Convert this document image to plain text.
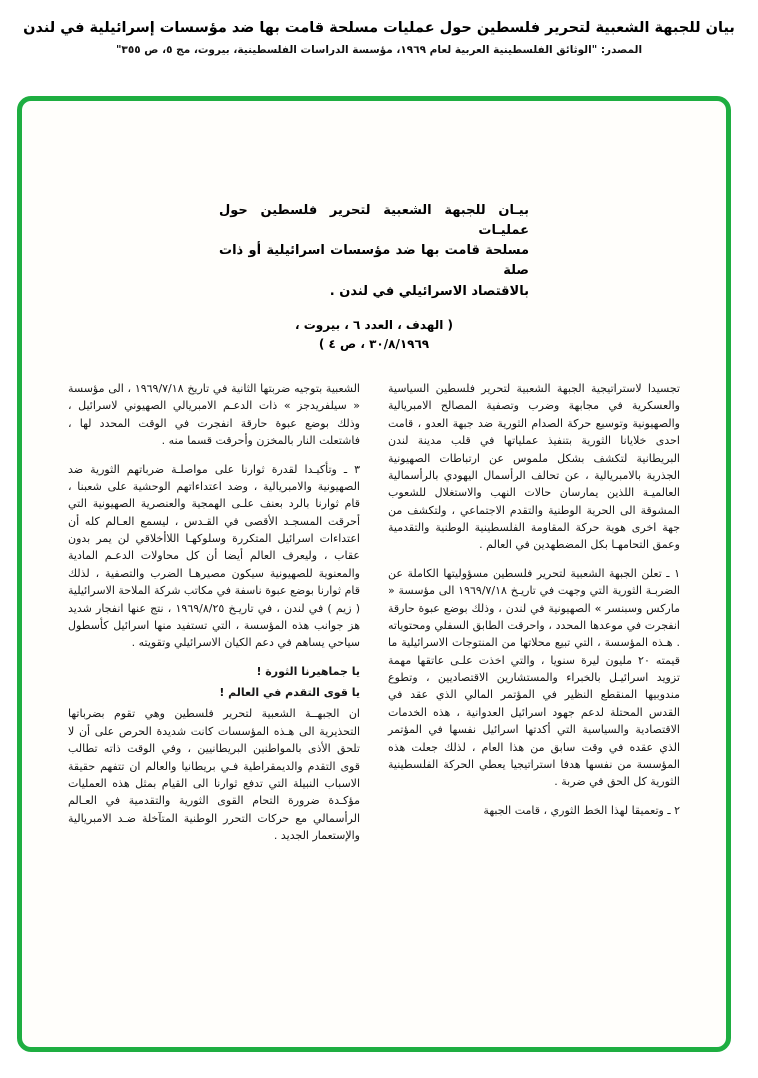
بيان للجبهة الشعبية لتحرير فلسطين حول عمليات مسلحة قامت بها ضد مؤسسات إسرائيلية في لندن
المصدر: "الوثائق الفلسطينية العربية لعام ١٩٦٩، مؤسسة الدراسات الفلسطينية، بيروت، مج ٥، ص ٣٥٥"
بيـان للجبهة الشعبية لتحرير فلسطين حول عمليـات
مسلحة قامت بها ضد مؤسسات اسرائيلية أو ذات صلة
بالاقتصاد الاسرائيلي في لندن .
( الهدف ، العدد ٦ ، بيروت ،
٣٠/٨/١٩٦٩ ، ص ٤ )

تجسيدا لاستراتيجية الجبهة الشعبية لتحرير فلسطين السياسية والعسكرية في مجابهة وضرب وتصفية المصالح الامبريالية والصهيونية وتوسيع حركة الصدام الثورية ضد جبهة العدو ، قامت احدى خلايانا الثورية بتنفيذ عملياتها في قلب مدينة لندن البريطانية لتكشف بشكل ملموس عن ارتباطات الصهيونية الجذرية بالامبريالية ، عن تحالف الرأسمال اليهودي بالرأسمالية العالميـة اللذين يمارسان حالات النهب والاستغلال للشعوب المشوقة الى الحرية الوطنية والتقدم الاجتماعي ، ولتكشف من جهة اخرى هوية حركة المقاومة الفلسطينية الوطنية والتقدمية وعمق التحامهـا بكل المضطهدين في العالم .

١ ـ تعلن الجبهة الشعبية لتحرير فلسطين مسؤوليتها الكاملة عن الضربـة الثورية التي وجهت في تاريـخ ١٩٦٩/٧/١٨ الى مؤسسة « ماركس وسبنسر » الصهيونية في لندن ، وذلك بوضع عبوة حارقة انفجرت في موعدها المحدد ، واحرقت الطابق السفلي ومحتوياته . هـذه المؤسسة ، التي تبيع محلاتها من المنتوجات الاسرائيلية ما قيمته ٢٠ مليون ليرة سنويا ، والتي اخذت علـى عاتقها مهمة تزويد اسرائيـل بالخبراء والمستشارين الاقتصاديين ، وتطوع مندوبيها المنقطع النظير في المؤتمر المالي الذي عقد في القدس المحتلة لدعم جهود اسرائيل العدوانية ، هذه الخدمات الاقتصادية والسياسية التي أكدتها اسرائيل نفسها في المؤتمر الذي عقده في وقت سابق من هذا العام ، لذلك جعلت هذه المؤسسة من نفسها هدفا استراتيجيا يعطي الحركة الفلسطينية الثورية كل الحق في ضربة .

٢ ـ وتعميقا لهذا الخط الثوري ، قامت الجبهة

الشعبية بتوجيه ضربتها الثانية في تاريخ ١٩٦٩/٧/١٨ ، الى مؤسسة « سيلفريدجز » ذات الدعـم الامبريالي الصهيوني لاسرائيل ، وذلك بوضع عبوة حارقة انفجرت في الوقت المحدد لها ، فاشتعلت النار بالمخزن وأحرقت قسما منه .

٣ ـ وتأكيـدا لقدرة ثوارنا على مواصلـة ضرباتهم الثورية ضد الصهيونية والامبريالية ، وضد اعتداءاتهم الوحشية على شعبنا ، قام ثوارنا بالرد بعنف علـى الهمجية والعنصرية الصهيونية التي أحرقت المسجـد الأقصى في القـدس ، ليسمع العـالم كله أن اعتداءات اسرائيل المتكررة وسلوكهـا اللاأخلاقي لن يمر بدون عقاب ، وليعرف العالم أيضا أن كل محاولات الدعـم المادية والمعنوية للصهيونية سيكون مصيرهـا الضرب والتصفية ، لذلك قام ثوارنا بوضع عبوة ناسفة في مكاتب شركة الملاحة الاسرائيلية ( زيم ) في لندن ، في تاريـخ ١٩٦٩/٨/٢٥ ، نتج عنها انفجار شديد هز جوانب هذه المؤسسة ، التي تستفيد منها اسرائيل كأسطول سياحي يساهم في دعم الكيان الاسرائيلي وتقويته .

يا جماهيرنا الثورة !

يا قوى التقدم في العالم !

ان الجبهــة الشعبية لتحرير فلسطين وهي تقوم بضرباتها التحذيرية الى هـذه المؤسسات كانت شديدة الحرص على أن لا تلحق الأذى بالمواطنين البريطانيين ، وفي الوقت ذاته تطالب قوى التقدم والديمقراطية فـي بريطانيا والعالم ان تتفهم حقيقة الاسباب النبيلة التي تدفع ثوارنا الى القيام بمثل هذه العمليات مؤكـدة ضرورة التحام القوى الثورية والتقدمية في العـالم الرأسمالي مع حركات التحرر الوطنية المتآخلة ضـد الامبريالية والإستعمار الجديد .
